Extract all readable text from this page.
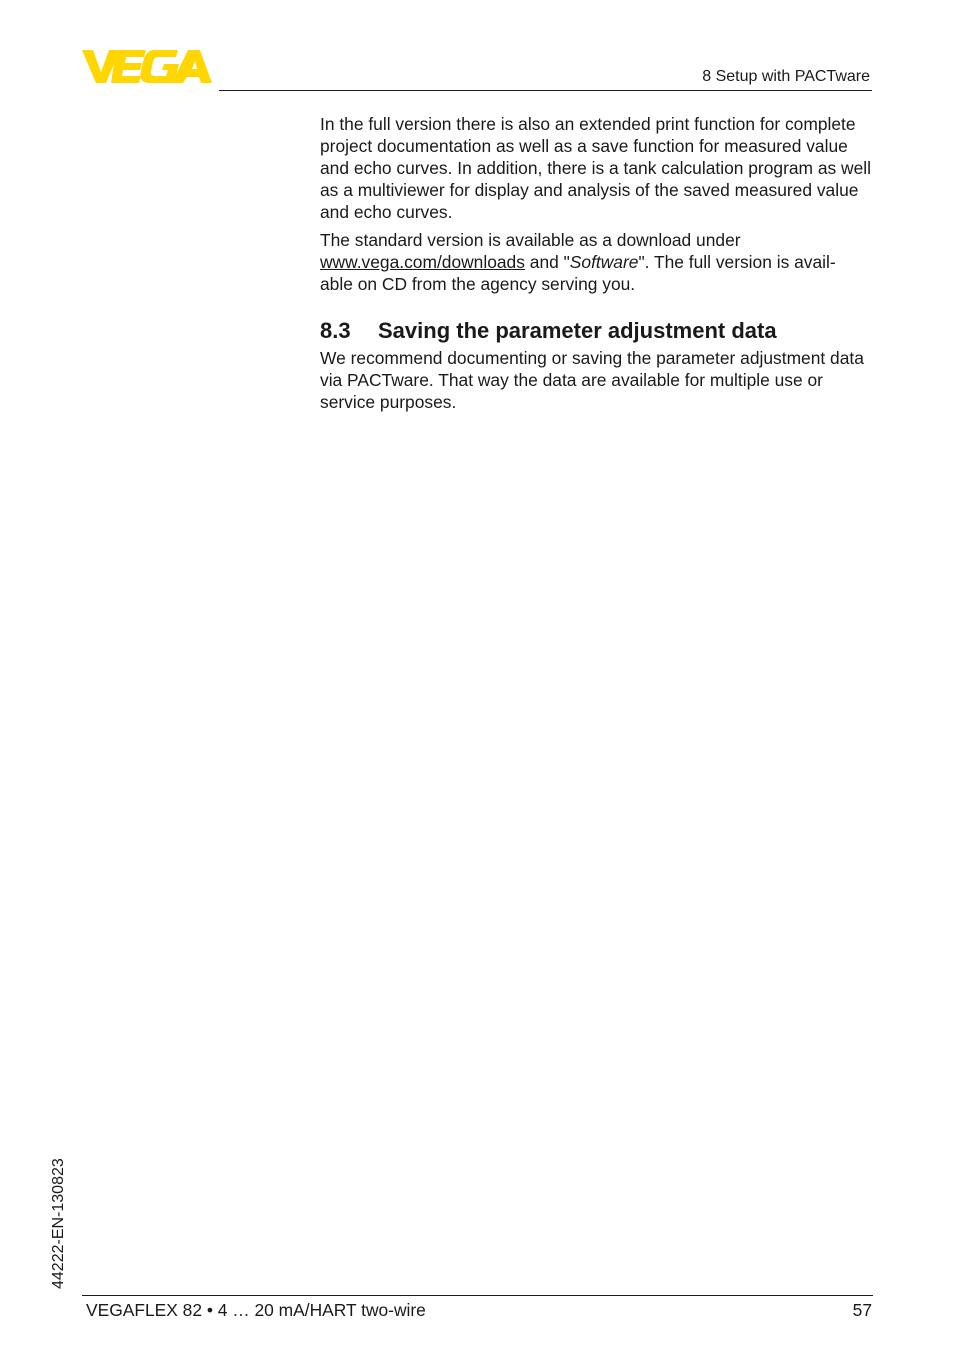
8 Setup with PACTware

In the full version there is also an extended print function for complete project documentation as well as a save function for measured value and echo curves. In addition, there is a tank calculation program as well as a multiviewer for display and analysis of the saved measured value and echo curves.

The standard version is available as a download under
www.vega.com/downloads and "Software". The full version is avail-
able on CD from the agency serving you.

8.3	Saving the parameter adjustment data

We recommend documenting or saving the parameter adjustment data via PACTware. That way the data are available for multiple use or service purposes.

44222-EN-130823
VEGAFLEX 82 • 4 … 20 mA/HART two-wire	57
